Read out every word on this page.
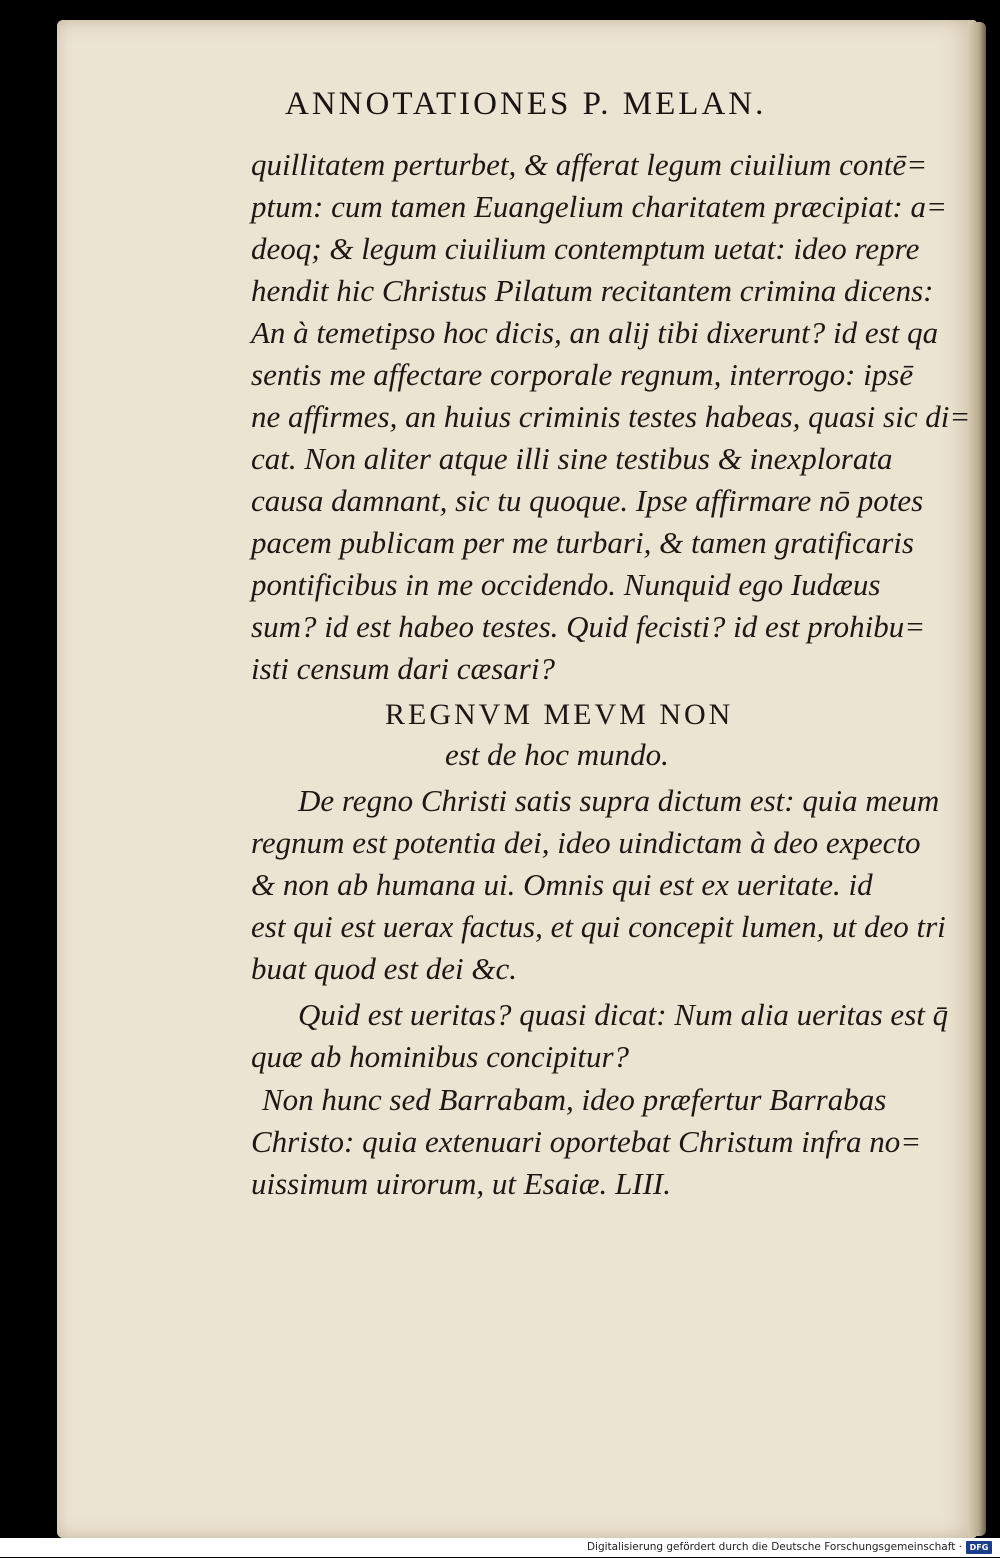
ANNOTATIONES P. MELAN.
quillitatem perturbet, & afferat legum ciuilium contē=
ptum: cum tamen Euangelium charitatem præcipiat: a=
deoq; & legum ciuilium contemptum uetat: ideo repre
hendit hic Christus Pilatum recitantem crimina dicens:
An à temetipso hoc dicis, an alij tibi dixerunt? id est qa
sentis me affectare corporale regnum, interrogo: ipsē
ne affirmes, an huius criminis testes habeas, quasi sic di=
cat. Non aliter atque illi sine testibus & inexplorata
causa damnant, sic tu quoque. Ipse affirmare nō potes
pacem publicam per me turbari, & tamen gratificaris
pontificibus in me occidendo. Nunquid ego Iudæus
sum? id est habeo testes. Quid fecisti? id est prohibu=
isti censum dari cæsari?
REGNVM MEVM NON
est de hoc mundo.
De regno Christi satis supra dictum est: quia meum
regnum est potentia dei, ideo uindictam à deo expecto
& non ab humana ui. Omnis qui est ex ueritate. id
est qui est uerax factus, et qui concepit lumen, ut deo tri
buat quod est dei &c.
Quid est ueritas? quasi dicat: Num alia ueritas est q̄
quæ ab hominibus concipitur?
Non hunc sed Barrabam, ideo præfertur Barrabas
Christo: quia extenuari oportebat Christum infra no=
uissimum uirorum, ut Esaiæ. LIII.
Digitalisierung gefördert durch die Deutsche Forschungsgemeinschaft · DFG
